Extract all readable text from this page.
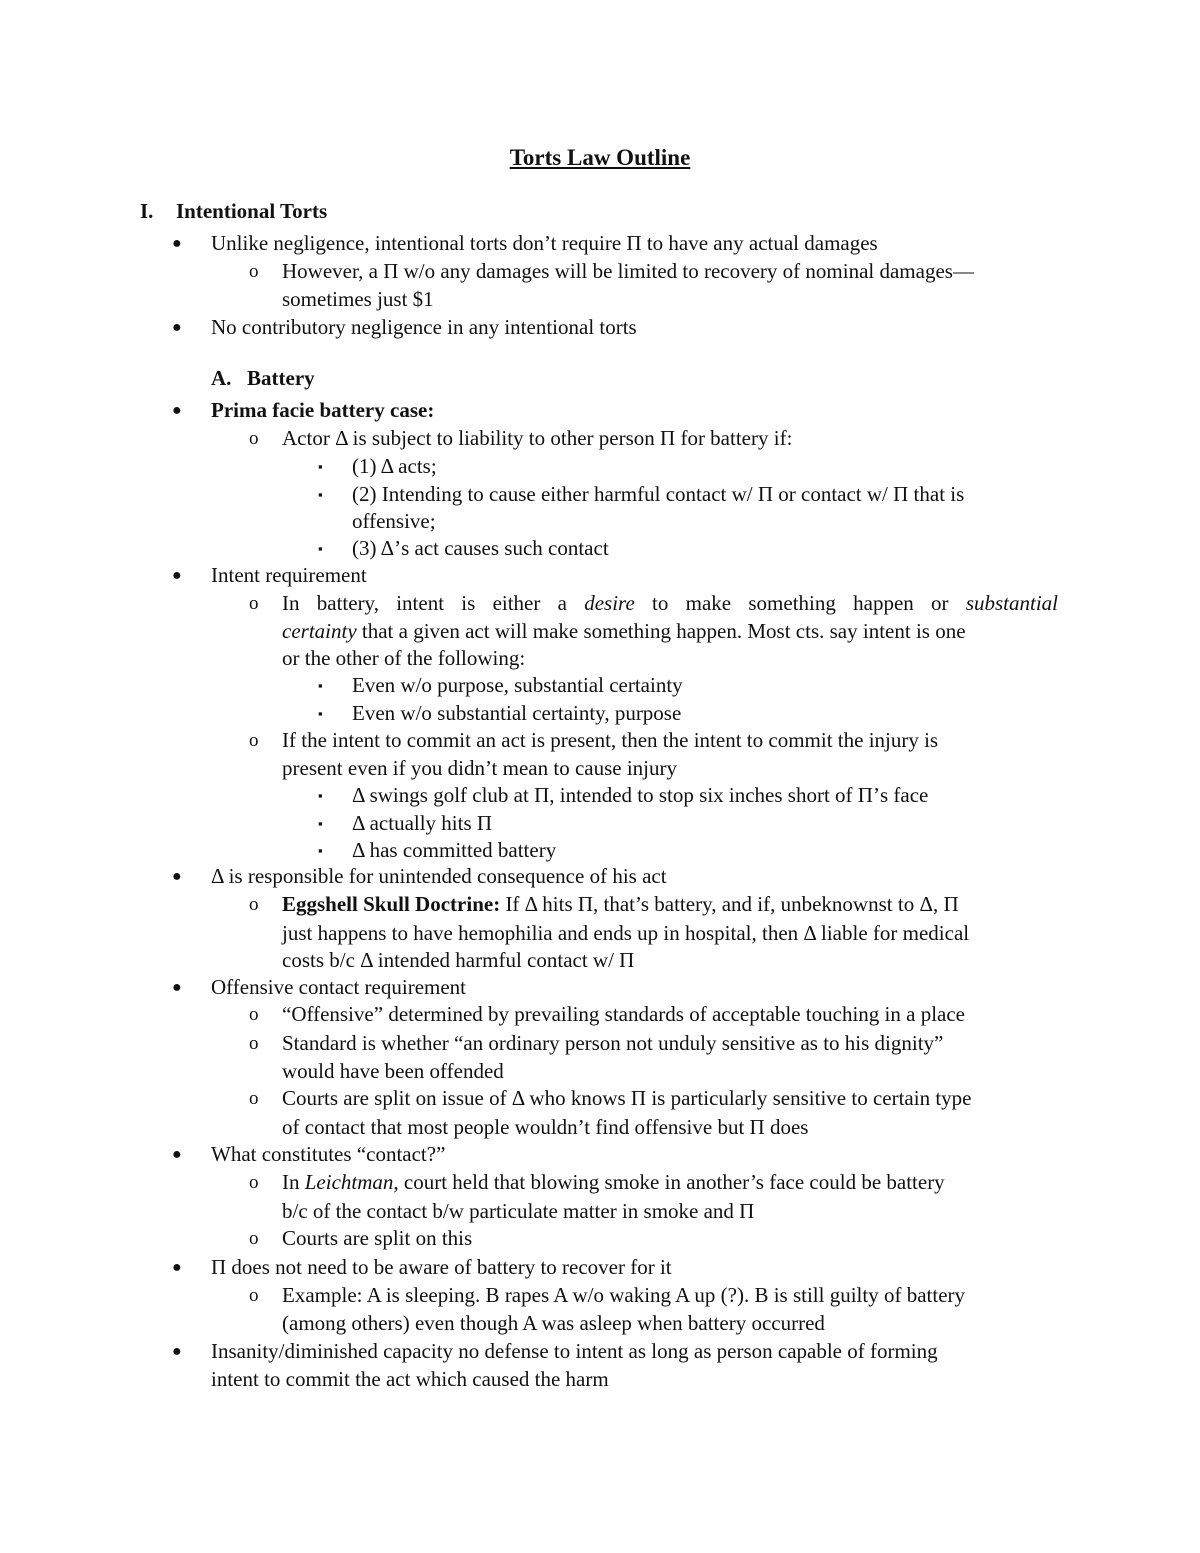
Torts Law Outline
I. Intentional Torts
● Unlike negligence, intentional torts don’t require Π to have any actual damages
o However, a Π w/o any damages will be limited to recovery of nominal damages—
sometimes just $1
● No contributory negligence in any intentional torts
A. Battery
● Prima facie battery case:
o Actor Δ is subject to liability to other person Π for battery if:
▪ (1) Δ acts;
▪ (2) Intending to cause either harmful contact w/ Π or contact w/ Π that is
offensive;
▪ (3) Δ’s act causes such contact
● Intent requirement
o In battery, intent is either a desire to make something happen or substantial
certainty that a given act will make something happen. Most cts. say intent is one
or the other of the following:
▪ Even w/o purpose, substantial certainty
▪ Even w/o substantial certainty, purpose
o If the intent to commit an act is present, then the intent to commit the injury is
present even if you didn’t mean to cause injury
▪ Δ swings golf club at Π, intended to stop six inches short of Π’s face
▪ Δ actually hits Π
▪ Δ has committed battery
● Δ is responsible for unintended consequence of his act
o Eggshell Skull Doctrine: If Δ hits Π, that’s battery, and if, unbeknownst to Δ, Π
just happens to have hemophilia and ends up in hospital, then Δ liable for medical
costs b/c Δ intended harmful contact w/ Π
● Offensive contact requirement
o “Offensive” determined by prevailing standards of acceptable touching in a place
o Standard is whether “an ordinary person not unduly sensitive as to his dignity”
would have been offended
o Courts are split on issue of Δ who knows Π is particularly sensitive to certain type
of contact that most people wouldn’t find offensive but Π does
● What constitutes “contact?”
o In Leichtman, court held that blowing smoke in another’s face could be battery
b/c of the contact b/w particulate matter in smoke and Π
o Courts are split on this
● Π does not need to be aware of battery to recover for it
o Example: A is sleeping. B rapes A w/o waking A up (?). B is still guilty of battery
(among others) even though A was asleep when battery occurred
● Insanity/diminished capacity no defense to intent as long as person capable of forming
intent to commit the act which caused the harm
